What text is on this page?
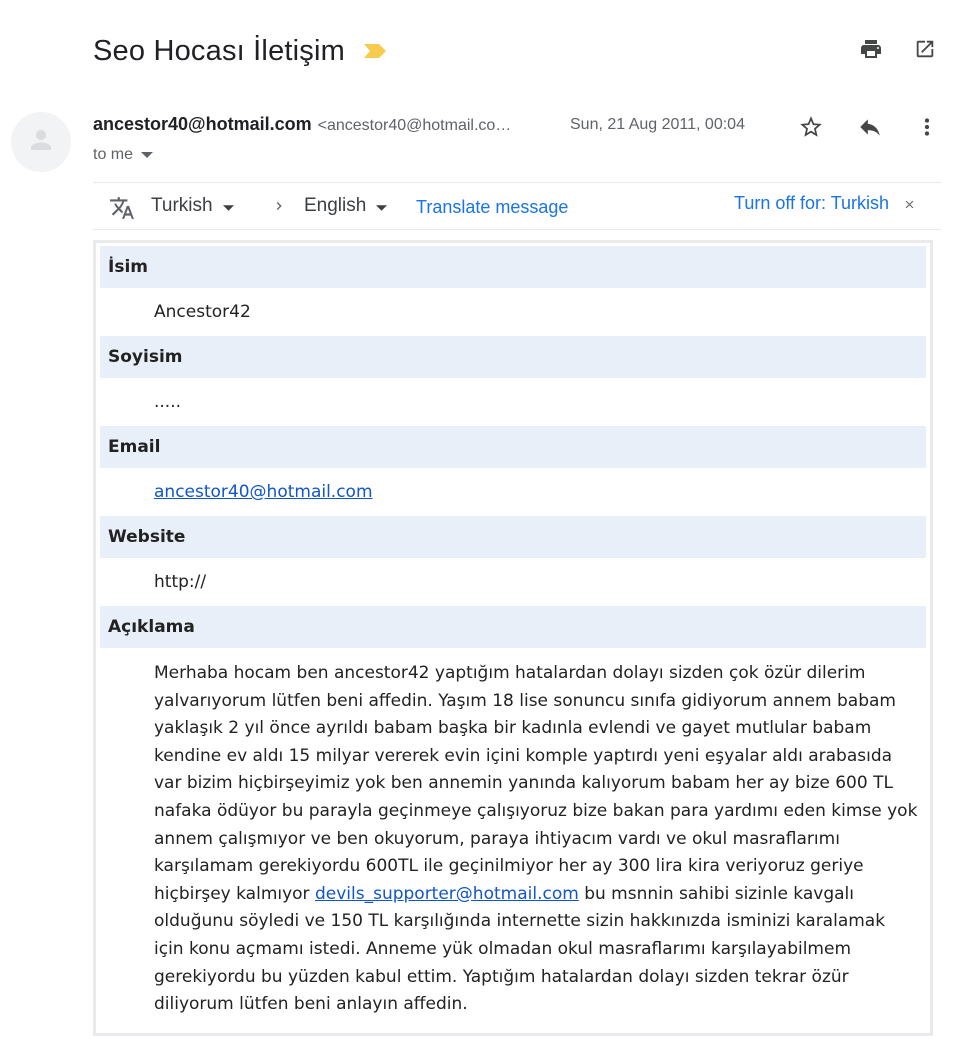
Seo Hocası İletişim
ancestor40@hotmail.com <ancestor40@hotmail.co…	Sun, 21 Aug 2011, 00:04
to me
Turkish	English	Translate message	Turn off for: Turkish
İsim
Ancestor42
Soyisim
.....
Email
ancestor40@hotmail.com
Website
http://
Açıklama
Merhaba hocam ben ancestor42 yaptığım hatalardan dolayı sizden çok özür dilerim yalvarıyorum lütfen beni affedin. Yaşım 18 lise sonuncu sınıfa gidiyorum annem babam yaklaşık 2 yıl önce ayrıldı babam başka bir kadınla evlendi ve gayet mutlular babam kendine ev aldı 15 milyar vererek evin içini komple yaptırdı yeni eşyalar aldı arabasıda var bizim hiçbirşeyimiz yok ben annemin yanında kalıyorum babam her ay bize 600 TL nafaka ödüyor bu parayla geçinmeye çalışıyoruz bize bakan para yardımı eden kimse yok annem çalışmıyor ve ben okuyorum, paraya ihtiyacım vardı ve okul masraflarımı karşılamam gerekiyordu 600TL ile geçinilmiyor her ay 300 lira kira veriyoruz geriye hiçbirşey kalmıyor devils_supporter@hotmail.com bu msnnin sahibi sizinle kavgalı olduğunu söyledi ve 150 TL karşılığında internette sizin hakkınızda isminizi karalamak için konu açmamı istedi. Anneme yük olmadan okul masraflarımı karşılayabilmem gerekiyordu bu yüzden kabul ettim. Yaptığım hatalardan dolayı sizden tekrar özür diliyorum lütfen beni anlayın affedin.
